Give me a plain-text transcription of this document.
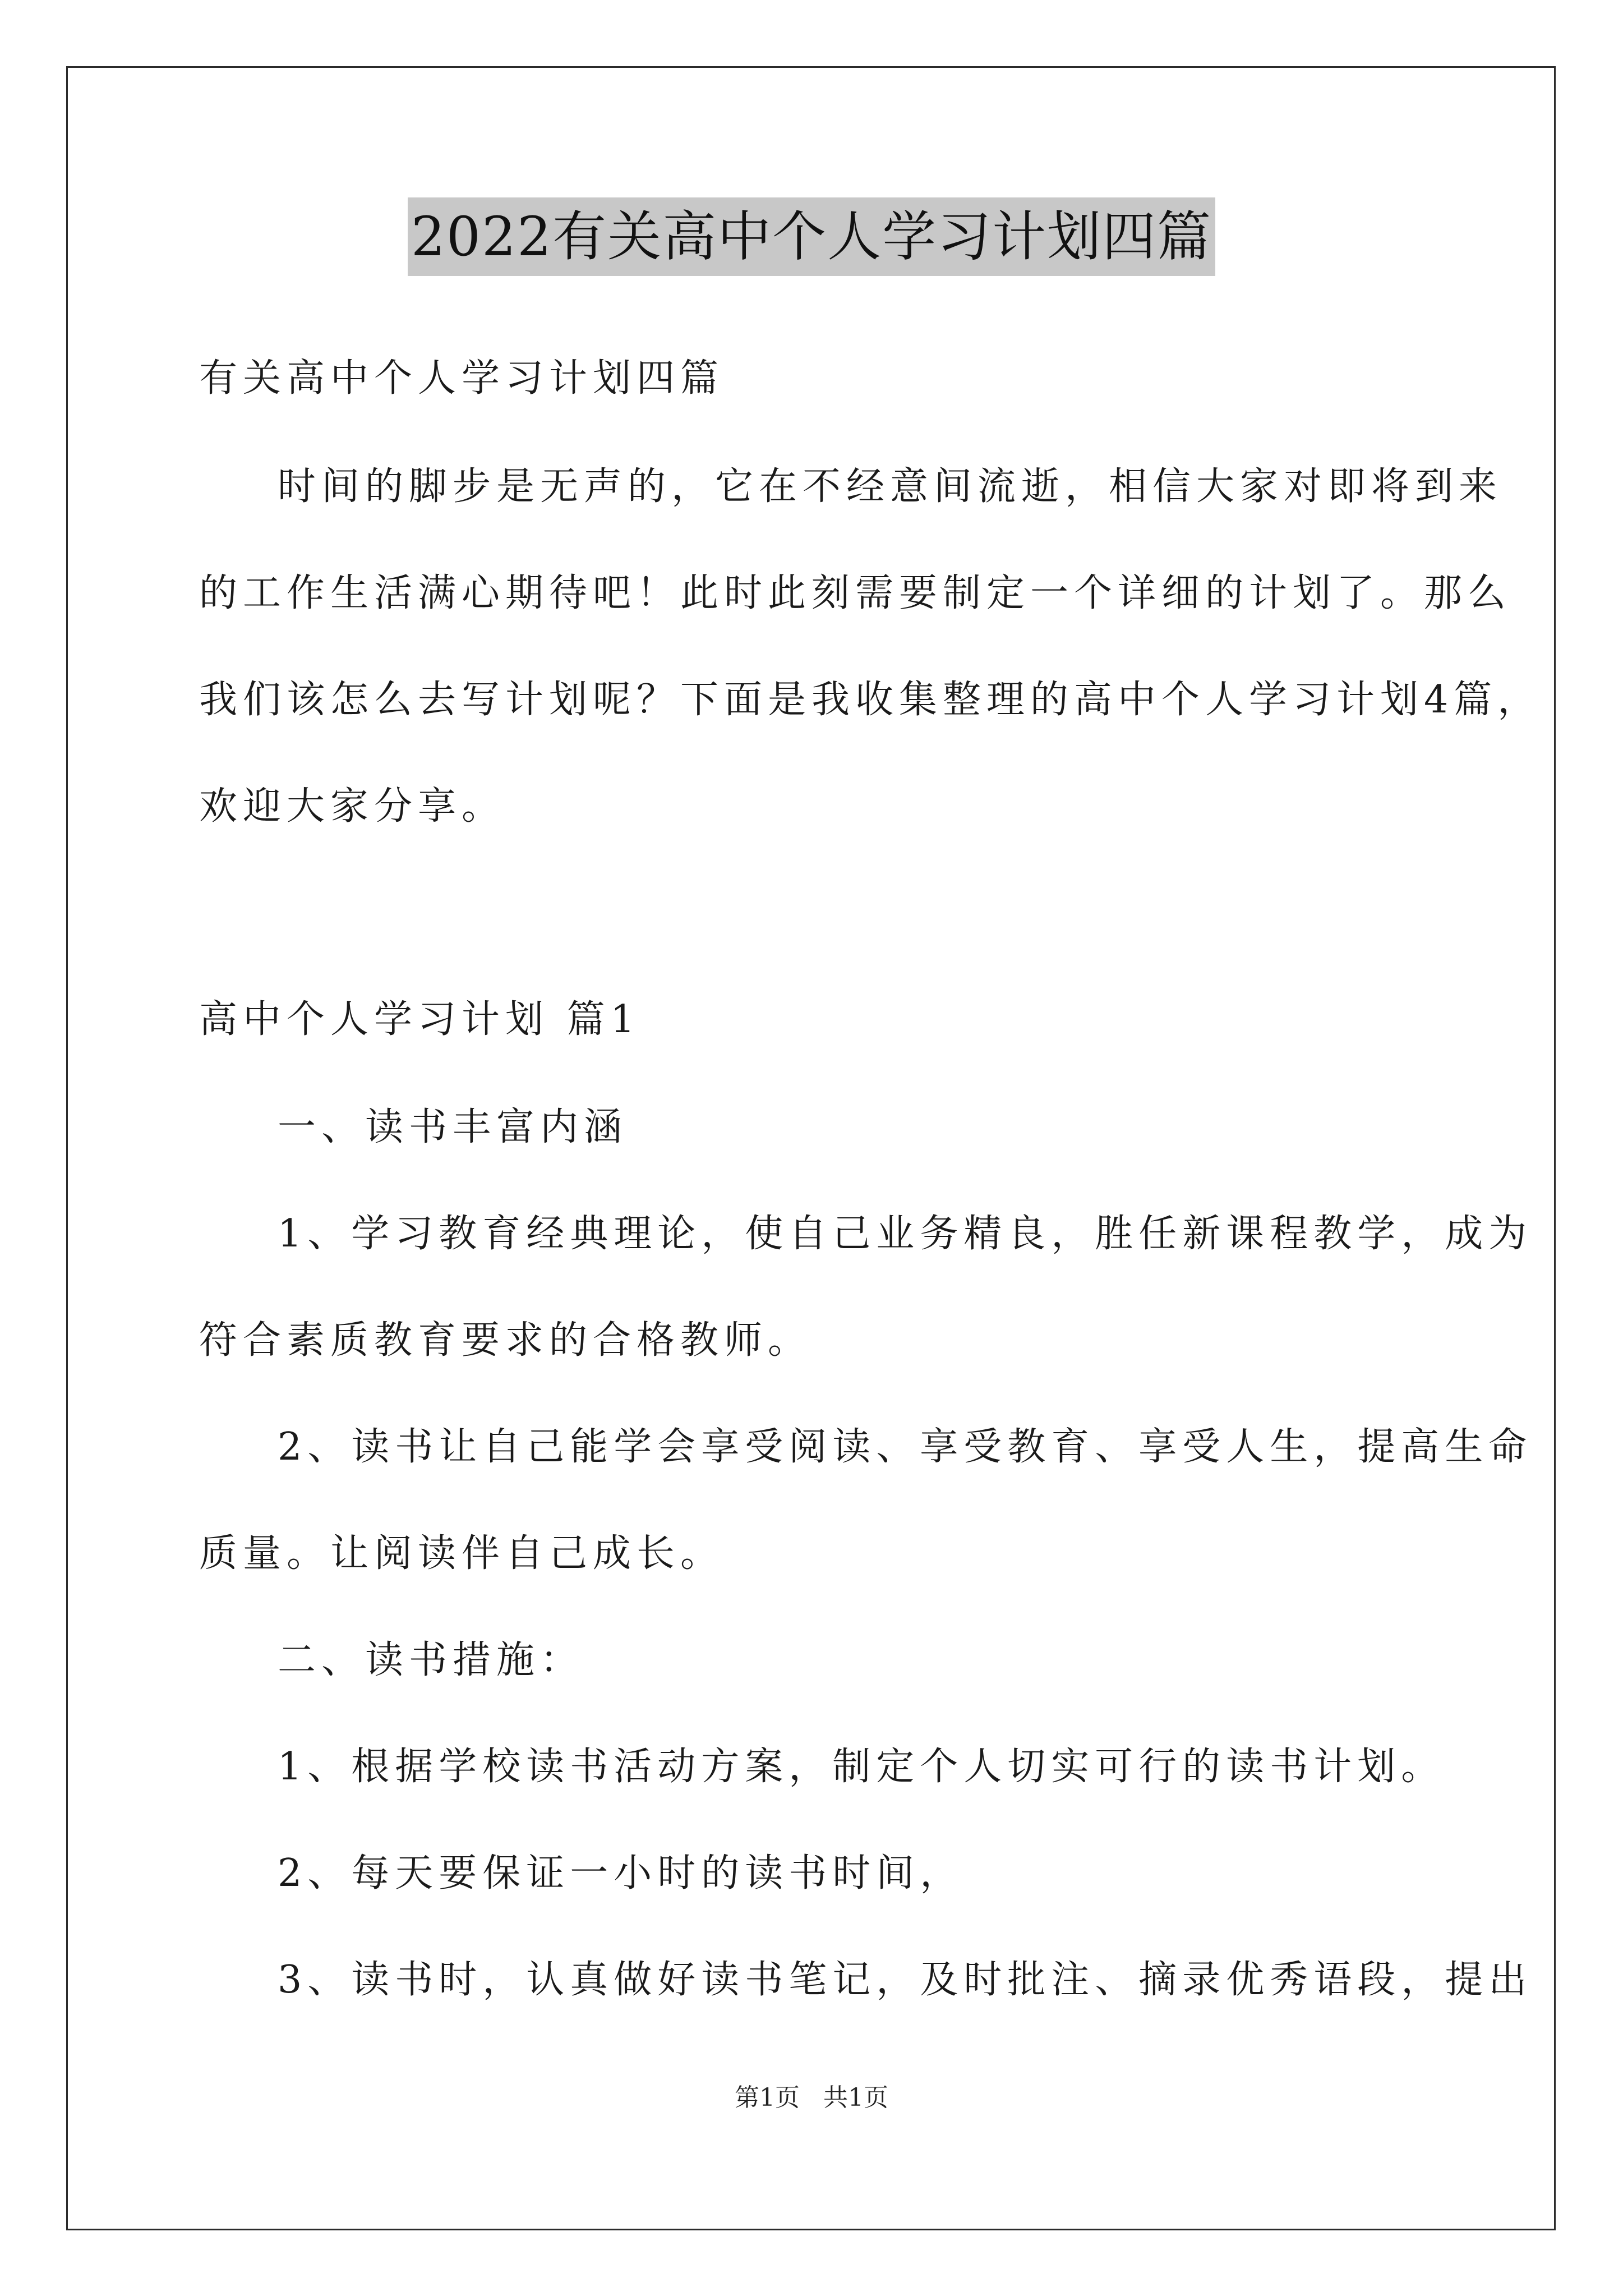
2022有关高中个人学习计划四篇
有关高中个人学习计划四篇
时间的脚步是无声的，它在不经意间流逝，相信大家对即将到来
的工作生活满心期待吧！此时此刻需要制定一个详细的计划了。那么
我们该怎么去写计划呢？下面是我收集整理的高中个人学习计划4篇，
欢迎大家分享。
高中个人学习计划 篇1
一、读书丰富内涵
1、学习教育经典理论，使自己业务精良，胜任新课程教学，成为
符合素质教育要求的合格教师。
2、读书让自己能学会享受阅读、享受教育、享受人生，提高生命
质量。让阅读伴自己成长。
二、读书措施：
1、根据学校读书活动方案，制定个人切实可行的读书计划。
2、每天要保证一小时的读书时间，
3、读书时，认真做好读书笔记，及时批注、摘录优秀语段，提出
第1页 共1页
